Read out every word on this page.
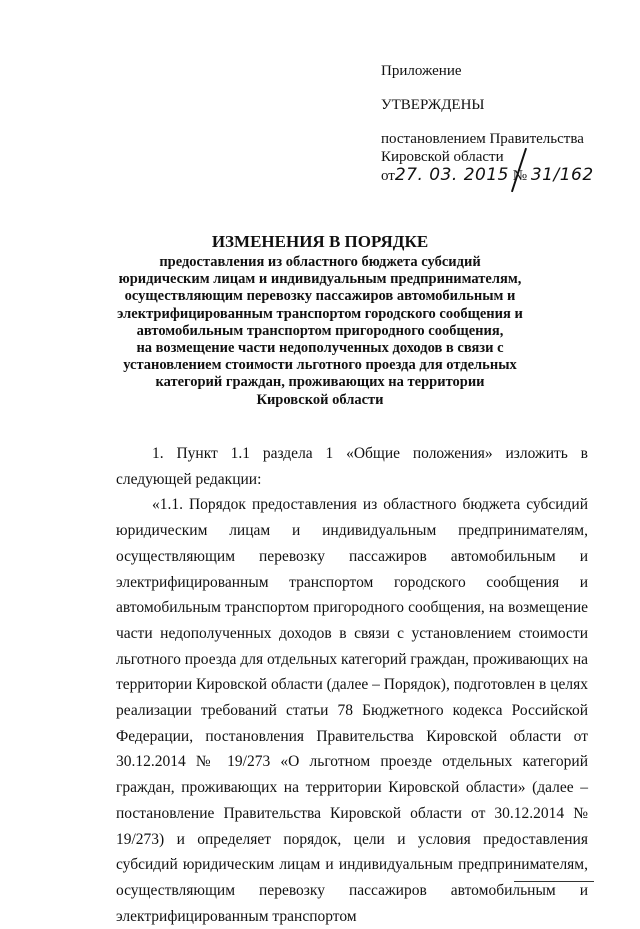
Приложение
УТВЕРЖДЕНЫ
постановлением Правительства
Кировской области
от27. 03. 2015 № 31/162

ИЗМЕНЕНИЯ В ПОРЯДКЕ

предоставления из областного бюджета субсидий

юридическим лицам и индивидуальным предпринимателям,

осуществляющим перевозку пассажиров автомобильным и

электрифицированным транспортом городского сообщения и

автомобильным транспортом пригородного сообщения,

на возмещение части недополученных доходов в связи с

установлением стоимости льготного проезда для отдельных

категорий граждан, проживающих на территории

Кировской области

1. Пункт 1.1 раздела 1 «Общие положения» изложить в следующей редакции:

«1.1. Порядок предоставления из областного бюджета субсидий юридическим лицам и индивидуальным предпринимателям, осуществляющим перевозку пассажиров автомобильным и электрифицированным транспортом городского сообщения и автомобильным транспортом пригородного сообщения, на возмещение части недополученных доходов в связи с установлением стоимости льготного проезда для отдельных категорий граждан, проживающих на территории Кировской области (далее – Порядок), подготовлен в целях реализации требований статьи 78 Бюджетного кодекса Российской Федерации, постановления Правительства Кировской области от 30.12.2014 № 19/273 «О льготном проезде отдельных категорий граждан, проживающих на территории Кировской области» (далее – постановление Правительства Кировской области от 30.12.2014 № 19/273) и определяет порядок, цели и условия предоставления субсидий юридическим лицам и индивидуальным предпринимателям, осуществляющим перевозку пассажиров автомобильным и электрифицированным транспортом
